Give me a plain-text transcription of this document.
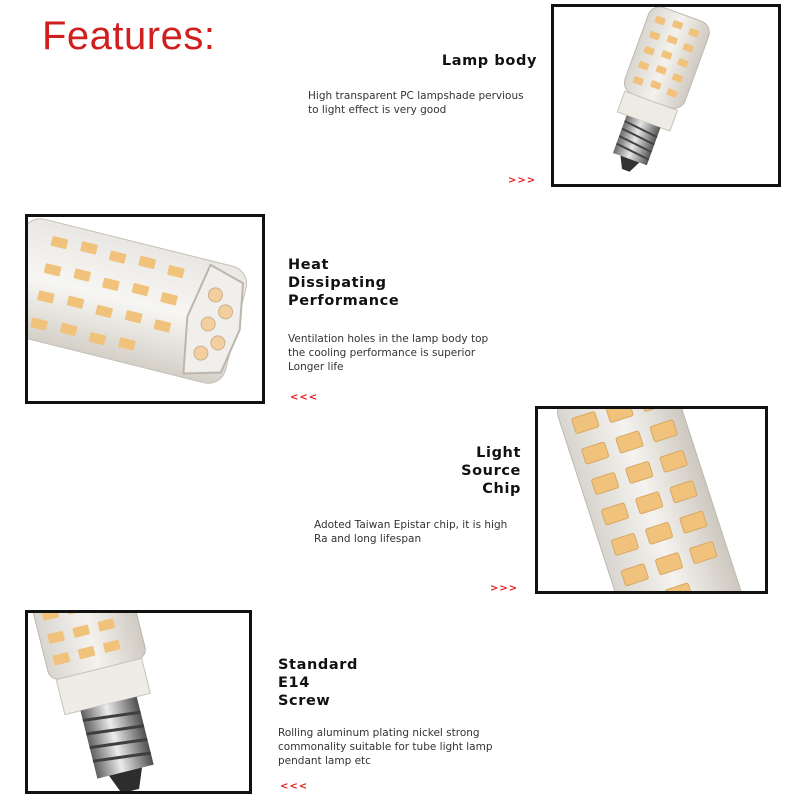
Features:
Lamp body
High transparent PC lampshade pervious
to light effect is very good
>>>
Heat
Dissipating
Performance
Ventilation holes in the lamp body top
the cooling performance is superior
Longer life
<<<
Light
Source
Chip
Adoted Taiwan Epistar chip, it is high
Ra and long lifespan
>>>
Standard
E14
Screw
Rolling aluminum plating nickel strong
commonality suitable for tube light lamp
pendant lamp etc
<<<
